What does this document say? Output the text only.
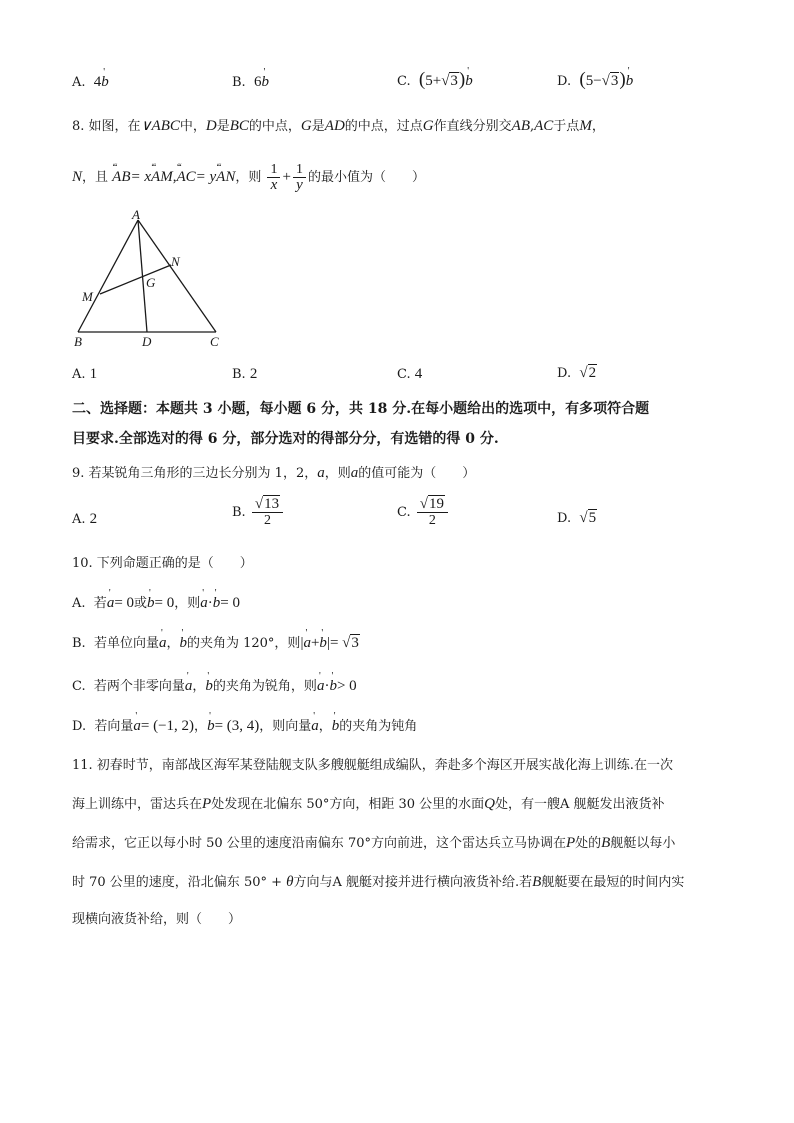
A. 4' b	B. 6' b	C. (5+√3)' b	D. (5−√3)' b
8. 如图，在∨ABC中，D是BC的中点，G是AD的中点，过点G作直线分别交AB,AC于点M，
N，且 ‘‘‘ AB= x‘‘‘ AM,‘‘‘ AC= y‘‘‘ AN，则 $\frac{1}{x} + \frac{1}{y}$ 的最小值为（　　）
A
B	D	C
G
M
N
A. 1	B. 2	C. 4	D. √2
二、选择题：本题共 3 小题，每小题 6 分，共 18 分.在每小题给出的选项中，有多项符合题
目要求.全部选对的得 6 分，部分选对的得部分分，有选错的得 0 分.
9. 若某锐角三角形的三边长分别为 1，2，a，则a的值可能为（　　）
A. 2	B. $\frac{√13}{2}$	C. $\frac{√19}{2}$	D. √5
10. 下列命题正确的是（　　）
A. 若' a= 0或' b= 0，则' a·' b= 0
B. 若单位向量' a，' b的夹角为 120°，则|' a+' b|= √3
C. 若两个非零向量' a，' b的夹角为锐角，则' a·' b> 0
D. 若向量' a= (−1, 2)，' b= (3, 4)，则向量' a，' b的夹角为钝角
11. 初春时节，南部战区海军某登陆舰支队多艘舰艇组成编队，奔赴多个海区开展实战化海上训练.在一次
海上训练中，雷达兵在P处发现在北偏东 50°方向，相距 30 公里的水面Q处，有一艘A 舰艇发出液货补
给需求，它正以每小时 50 公里的速度沿南偏东 70°方向前进，这个雷达兵立马协调在P处的B舰艇以每小
时 70 公里的速度，沿北偏东 50° + θ方向与A 舰艇对接并进行横向液货补给.若B舰艇要在最短的时间内实
现横向液货补给，则（　　）
